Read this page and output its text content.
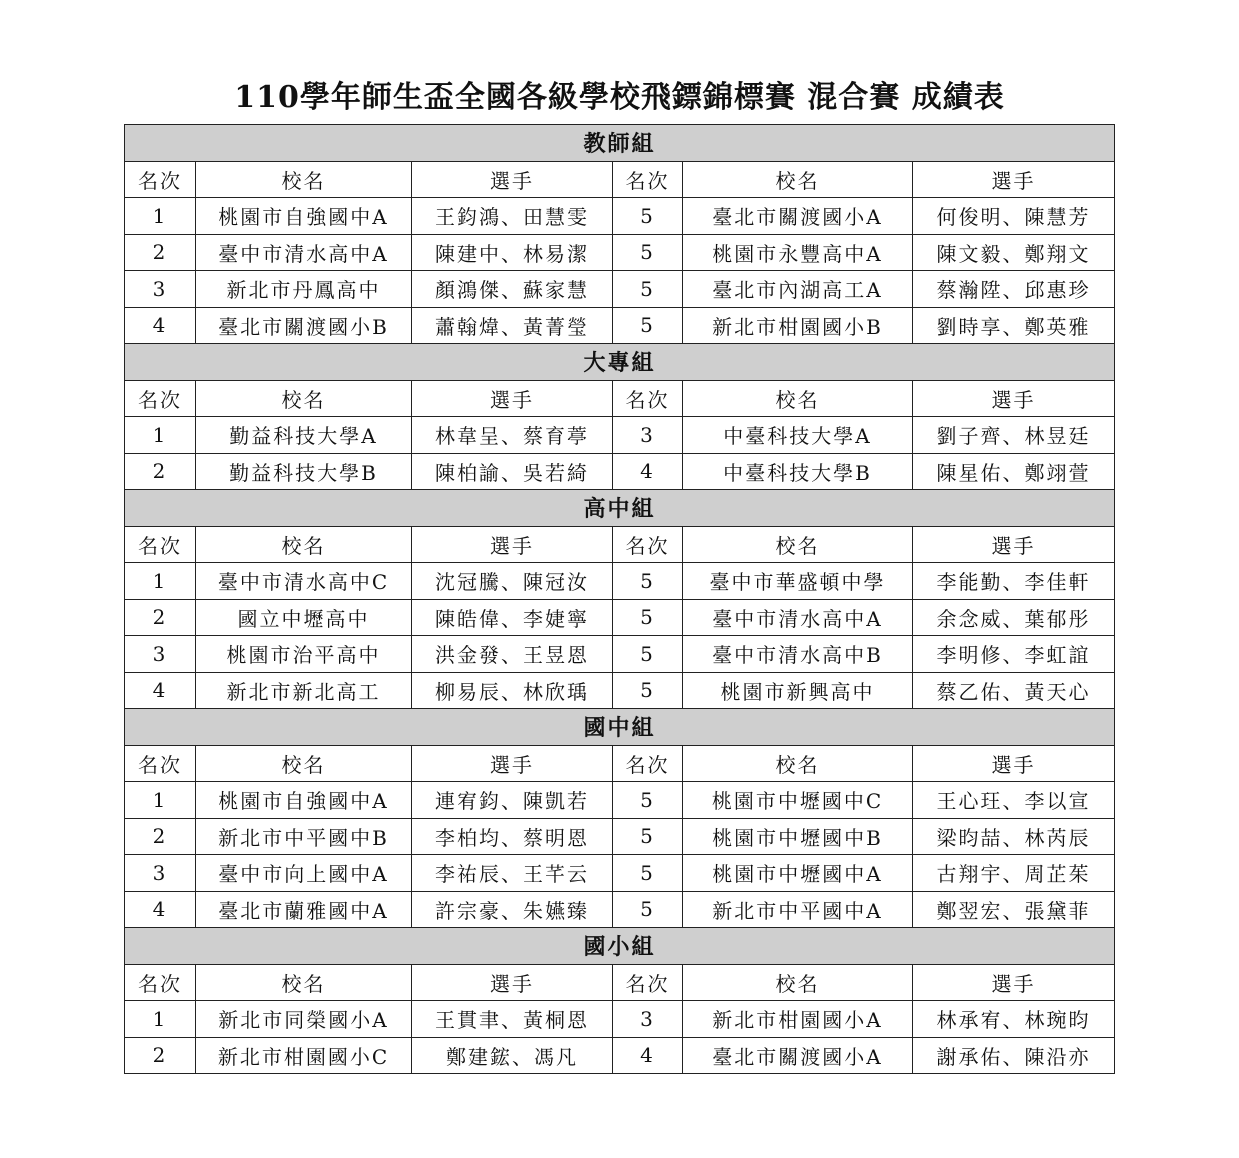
110學年師生盃全國各級學校飛鏢錦標賽 混合賽 成績表
教師組					
名次	校名	選手	名次	校名	選手
1	桃園市自強國中A	王鈞鴻、田慧雯	5	臺北市關渡國小A	何俊明、陳慧芳
2	臺中市清水高中A	陳建中、林易潔	5	桃園市永豐高中A	陳文毅、鄭翔文
3	新北市丹鳳高中	顏鴻傑、蘇家慧	5	臺北市內湖高工A	蔡瀚陞、邱惠珍
4	臺北市關渡國小B	蕭翰煒、黃菁瑩	5	新北市柑園國小B	劉時享、鄭英雅
大專組					
名次	校名	選手	名次	校名	選手
1	勤益科技大學A	林韋呈、蔡育葶	3	中臺科技大學A	劉子齊、林昱廷
2	勤益科技大學B	陳柏諭、吳若綺	4	中臺科技大學B	陳星佑、鄭翊萱
高中組					
名次	校名	選手	名次	校名	選手
1	臺中市清水高中C	沈冠騰、陳冠汝	5	臺中市華盛頓中學	李能勤、李佳軒
2	國立中壢高中	陳皓偉、李婕寧	5	臺中市清水高中A	余念威、葉郁彤
3	桃園市治平高中	洪金發、王昱恩	5	臺中市清水高中B	李明修、李虹誼
4	新北市新北高工	柳易辰、林欣瑀	5	桃園市新興高中	蔡乙佑、黃天心
國中組					
名次	校名	選手	名次	校名	選手
1	桃園市自強國中A	連宥鈞、陳凱若	5	桃園市中壢國中C	王心玨、李以宣
2	新北市中平國中B	李柏均、蔡明恩	5	桃園市中壢國中B	梁昀喆、林芮辰
3	臺中市向上國中A	李祐辰、王芊云	5	桃園市中壢國中A	古翔宇、周芷茱
4	臺北市蘭雅國中A	許宗豪、朱嬿臻	5	新北市中平國中A	鄭翌宏、張黛菲
國小組					
名次	校名	選手	名次	校名	選手
1	新北市同榮國小A	王貫聿、黃桐恩	3	新北市柑園國小A	林承宥、林琬昀
2	新北市柑園國小C	鄭建鋐、馮凡	4	臺北市關渡國小A	謝承佑、陳沿亦
